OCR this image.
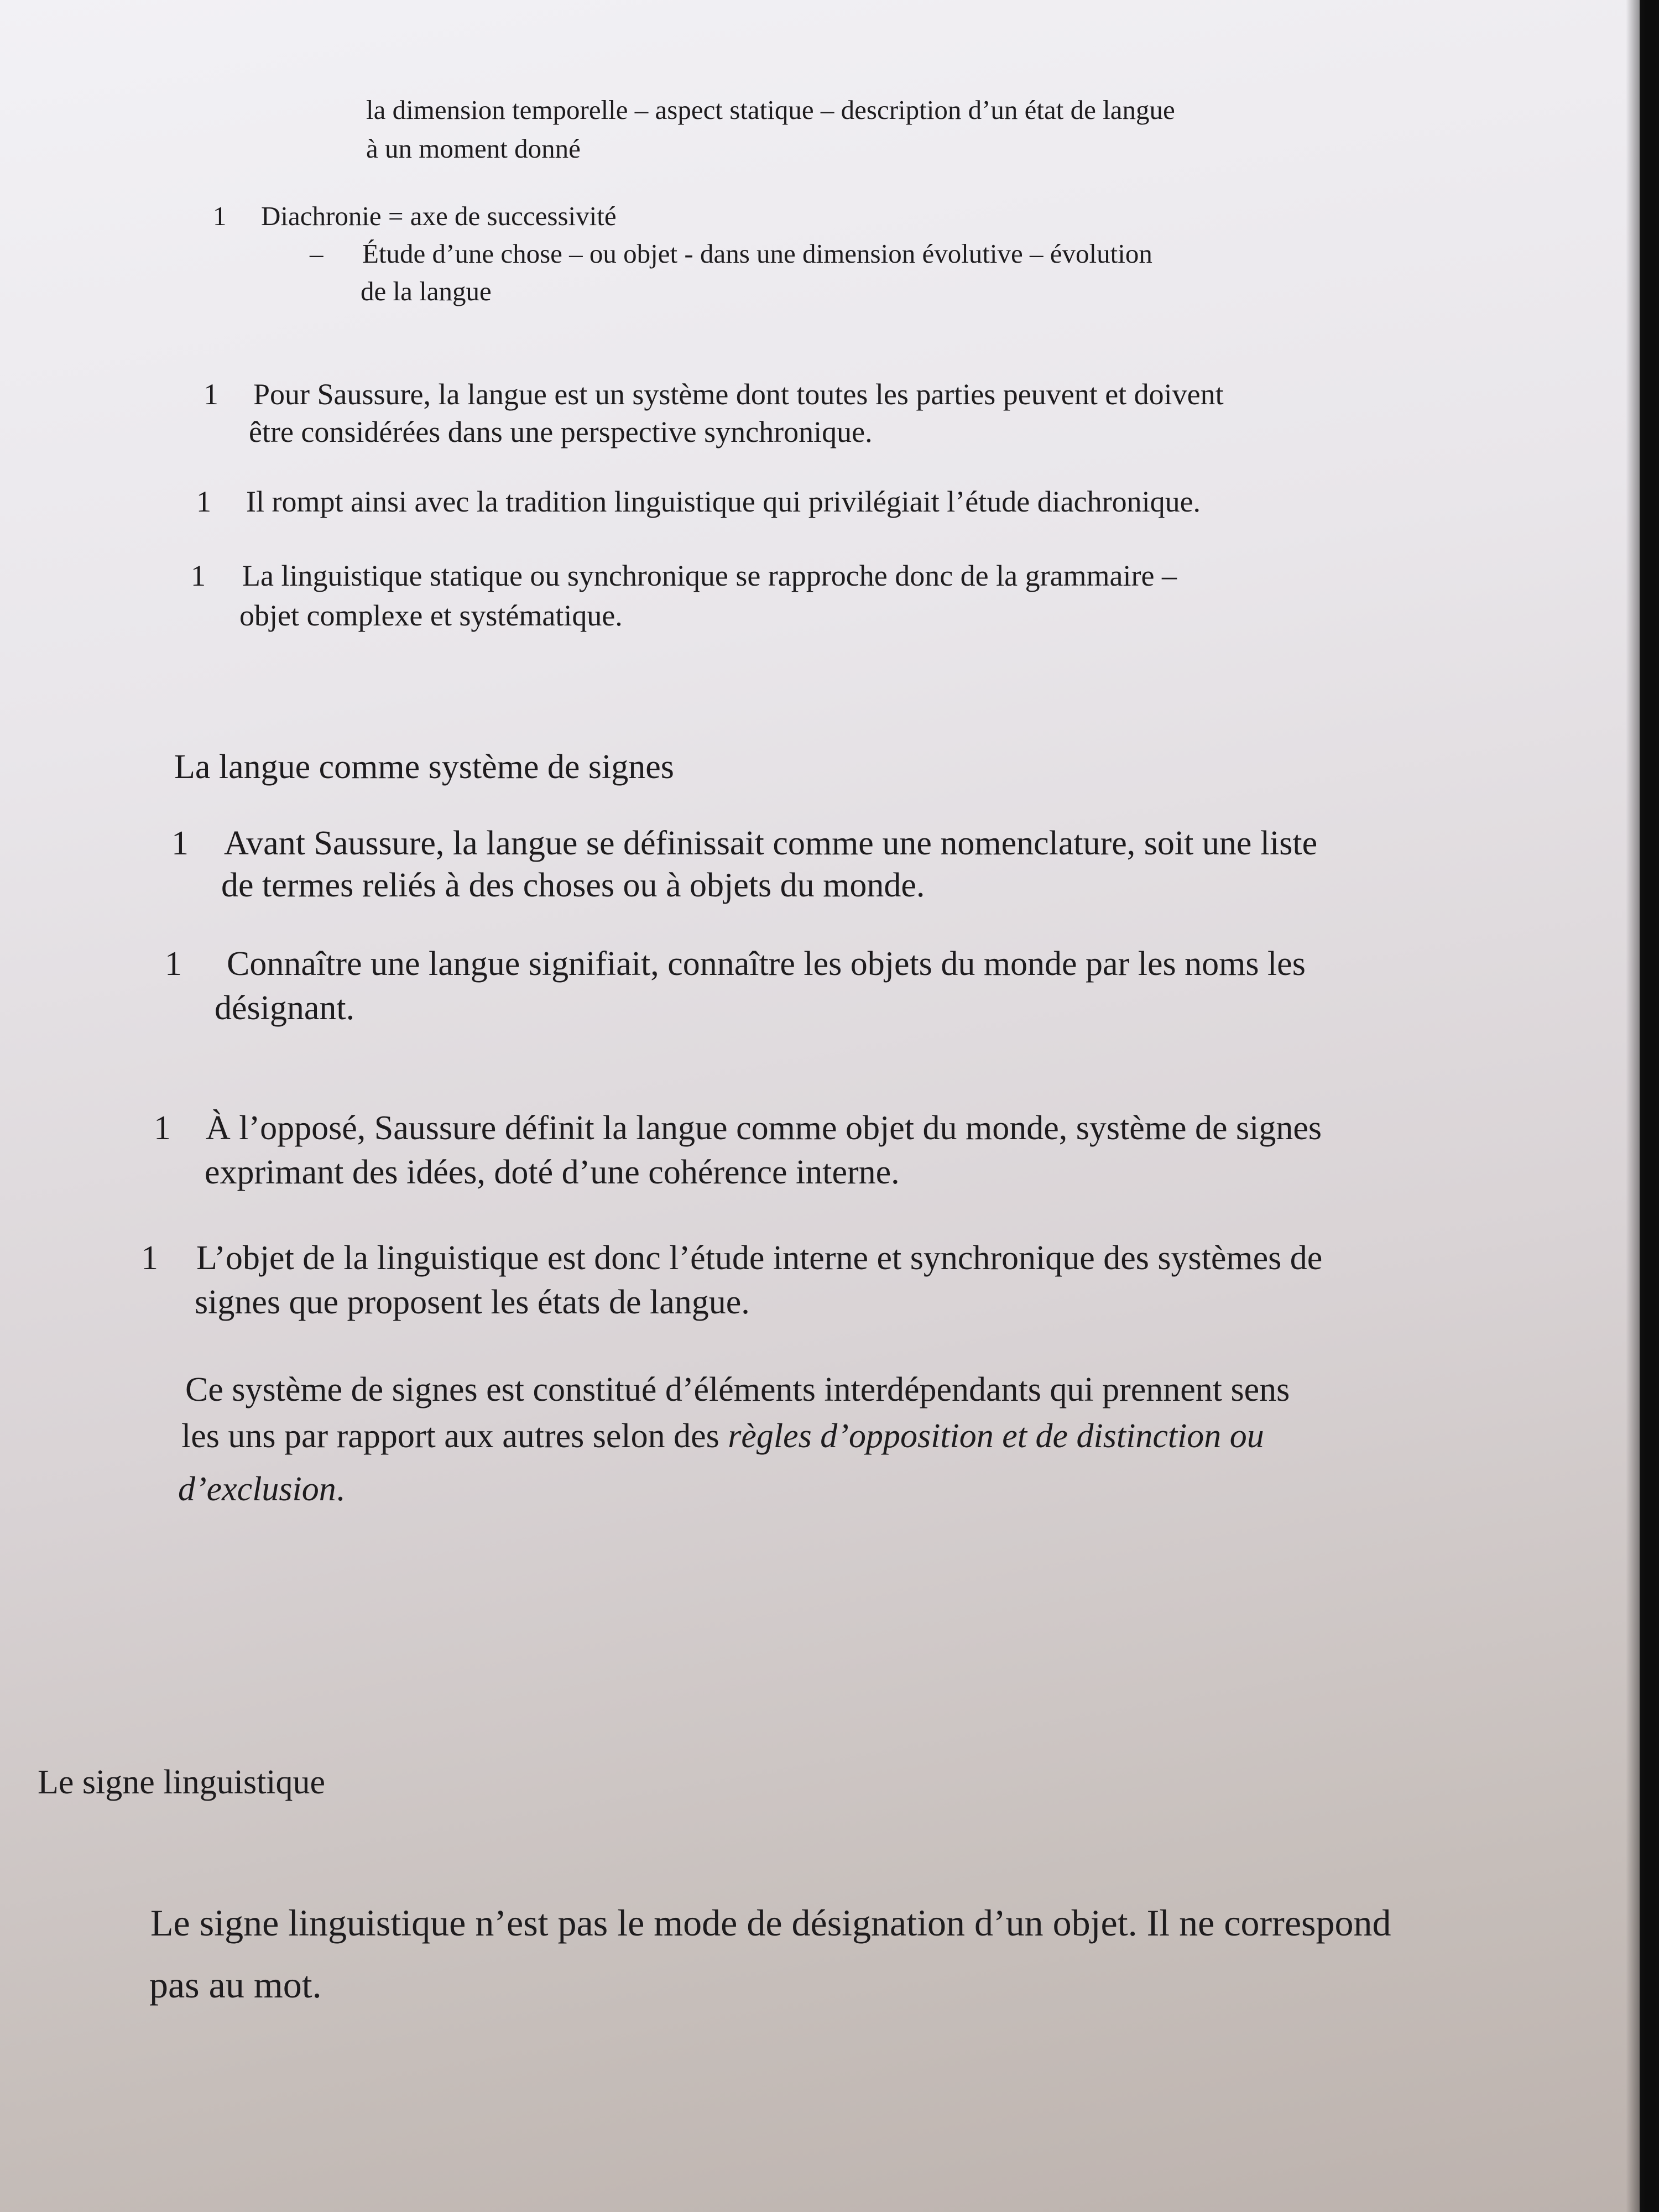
la dimension temporelle – aspect statique – description d’un état de langue

à un moment donné

1 Diachronie = axe de successivité

– Étude d’une chose – ou objet - dans une dimension évolutive – évolution

de la langue

1 Pour Saussure, la langue est un système dont toutes les parties peuvent et doivent

être considérées dans une perspective synchronique.

1 Il rompt ainsi avec la tradition linguistique qui privilégiait l’étude diachronique.

1 La linguistique statique ou synchronique se rapproche donc de la grammaire –

objet complexe et systématique.

La langue comme système de signes

1 Avant Saussure, la langue se définissait comme une nomenclature, soit une liste

de termes reliés à des choses ou à objets du monde.

1 Connaître une langue signifiait, connaître les objets du monde par les noms les

désignant.

1 À l’opposé, Saussure définit la langue comme objet du monde, système de signes

exprimant des idées, doté d’une cohérence interne.

1 L’objet de la linguistique est donc l’étude interne et synchronique des systèmes de

signes que proposent les états de langue.

Ce système de signes est constitué d’éléments interdépendants qui prennent sens

les uns par rapport aux autres selon des règles d’opposition et de distinction ou

d’exclusion.

Le signe linguistique

Le signe linguistique n’est pas le mode de désignation d’un objet. Il ne correspond

pas au mot.
